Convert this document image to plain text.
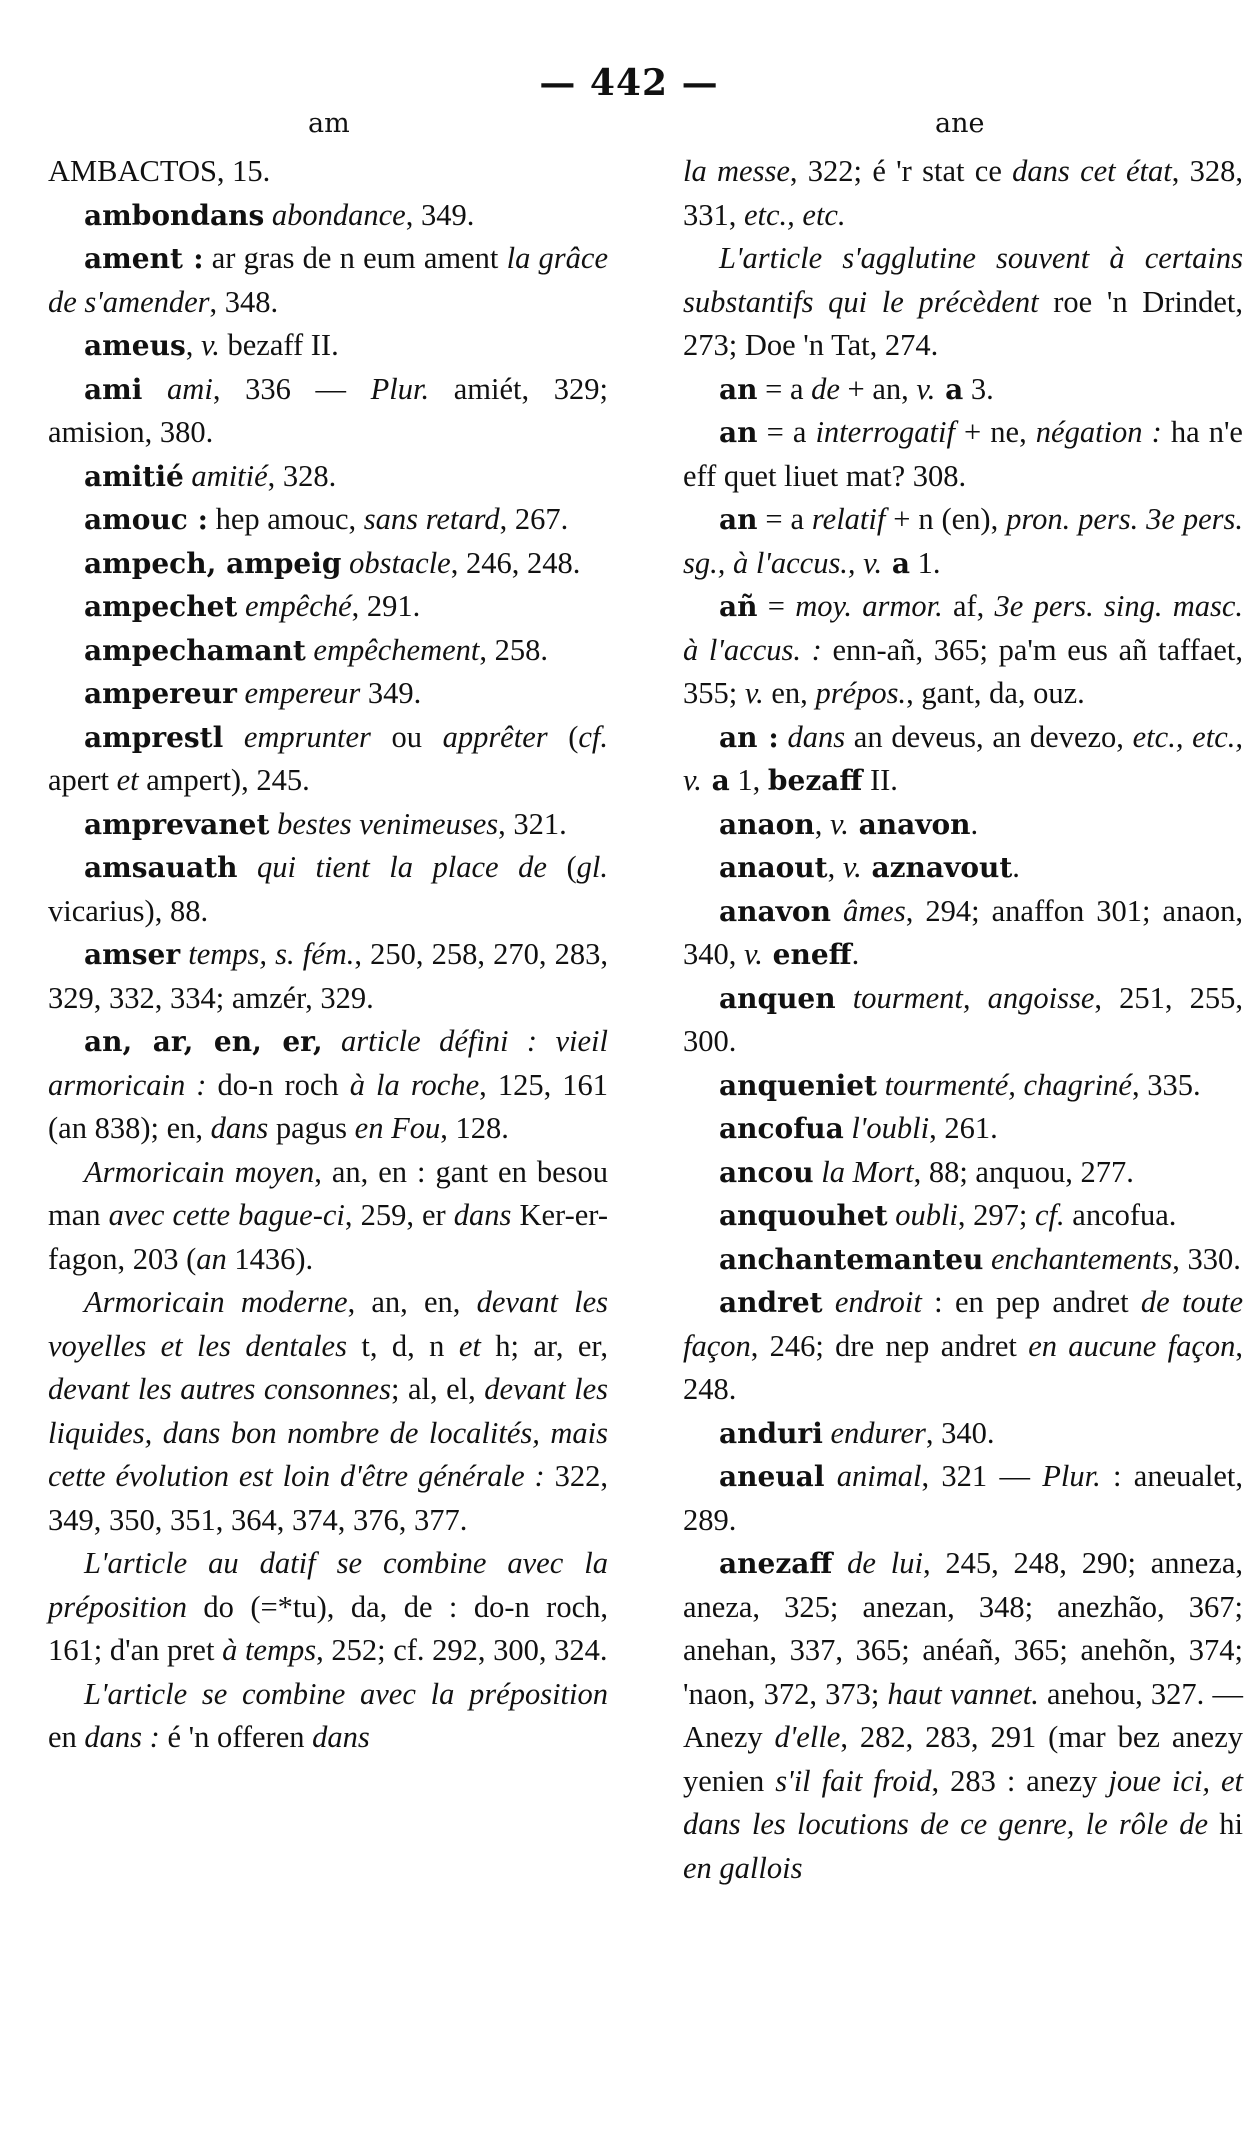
— 442 —
am	ane

AMBACTOS, 15.

ambondans abondance, 349.

ament : ar gras de n eum ament la grâce de s'amender, 348.

ameus, v. bezaff II.

ami ami, 336 — Plur. amiét, 329; amision, 380.

amitié amitié, 328.

amouc : hep amouc, sans retard, 267.

ampech, ampeig obstacle, 246, 248.

ampechet empêché, 291.

ampechamant empêchement, 258.

ampereur empereur 349.

amprestl emprunter ou apprêter (cf. apert et ampert), 245.

amprevanet bestes venimeuses, 321.

amsauath qui tient la place de (gl. vicarius), 88.

amser temps, s. fém., 250, 258, 270, 283, 329, 332, 334; amzér, 329.

an, ar, en, er, article défini : vieil armoricain : do-n roch à la roche, 125, 161 (an 838); en, dans pagus en Fou, 128.

Armoricain moyen, an, en : gant en besou man avec cette bague-ci, 259, er dans Ker-er-fagon, 203 (an 1436).

Armoricain moderne, an, en, devant les voyelles et les dentales t, d, n et h; ar, er, devant les autres consonnes; al, el, devant les liquides, dans bon nombre de localités, mais cette évolution est loin d'être générale : 322, 349, 350, 351, 364, 374, 376, 377.

L'article au datif se combine avec la préposition do (=*tu), da, de : do-n roch, 161; d'an pret à temps, 252; cf. 292, 300, 324.

L'article se combine avec la préposition en dans : é 'n offeren dans

la messe, 322; é 'r stat ce dans cet état, 328, 331, etc., etc.

L'article s'agglutine souvent à certains substantifs qui le précèdent roe 'n Drindet, 273; Doe 'n Tat, 274.

an = a de + an, v. a 3.

an = a interrogatif + ne, négation : ha n'e eff quet liuet mat? 308.

an = a relatif + n (en), pron. pers. 3e pers. sg., à l'accus., v. a 1.

añ = moy. armor. af, 3e pers. sing. masc. à l'accus. : enn-añ, 365; pa'm eus añ taffaet, 355; v. en, prépos., gant, da, ouz.

an : dans an deveus, an devezo, etc., etc., v. a 1, bezaff II.

anaon, v. anavon.

anaout, v. aznavout.

anavon âmes, 294; anaffon 301; anaon, 340, v. eneff.

anquen tourment, angoisse, 251, 255, 300.

anqueniet tourmenté, chagriné, 335.

ancofua l'oubli, 261.

ancou la Mort, 88; anquou, 277.

anquouhet oubli, 297; cf. ancofua.

anchantemanteu enchantements, 330.

andret endroit : en pep andret de toute façon, 246; dre nep andret en aucune façon, 248.

anduri endurer, 340.

aneual animal, 321 — Plur. : aneualet, 289.

anezaff de lui, 245, 248, 290; anneza, aneza, 325; anezan, 348; anezhão, 367; anehan, 337, 365; anéañ, 365; anehõn, 374; 'naon, 372, 373; haut vannet. anehou, 327. — Anezy d'elle, 282, 283, 291 (mar bez anezy yenien s'il fait froid, 283 : anezy joue ici, et dans les locutions de ce genre, le rôle de hi en gallois
